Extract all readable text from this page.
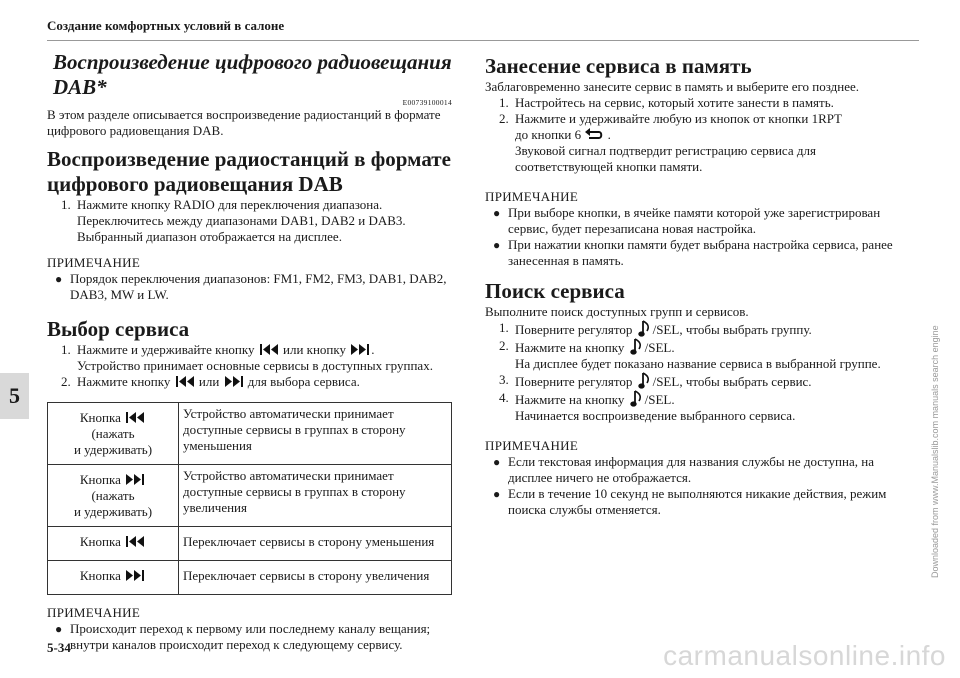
Создание комфортных условий в салоне
5
Воспроизведение цифрового радиовещания DAB*
E00739100014
В этом разделе описывается воспроизведение радиостанций в формате цифрового радиовещания DAB.
Воспроизведение радиостанций в формате цифрового радиовещания DAB
1. Нажмите кнопку RADIO для переключения диапазона. Переключитесь между диапазонами DAB1, DAB2 и DAB3. Выбранный диапазон отображается на дисплее.
ПРИМЕЧАНИЕ
● Порядок переключения диапазонов: FM1, FM2, FM3, DAB1, DAB2, DAB3, MW и LW.
Выбор сервиса
1. Нажмите и удерживайте кнопку или кнопку .
Устройство принимает основные сервисы в доступных группах.
2. Нажмите кнопку или для выбора сервиса.
Кнопка
(нажать
и удерживать)	Устройство автоматически принимает доступные сервисы в группах в сторону уменьшения
Кнопка
(нажать
и удерживать)	Устройство автоматически принимает доступные сервисы в группах в сторону увеличения
Кнопка	Переключает сервисы в сторону уменьшения
Кнопка	Переключает сервисы в сторону увеличения
ПРИМЕЧАНИЕ
● Происходит переход к первому или последнему каналу вещания; внутри каналов происходит переход к следующему сервису.
Занесение сервиса в память
Заблаговременно занесите сервис в память и выберите его позднее.
1. Настройтесь на сервис, который хотите занести в память.
2. Нажмите и удерживайте любую из кнопок от кнопки 1RPT
до кнопки 6  .
Звуковой сигнал подтвердит регистрацию сервиса для соответствующей кнопки памяти.
ПРИМЕЧАНИЕ
● При выборе кнопки, в ячейке памяти которой уже зарегистрирован сервис, будет перезаписана новая настройка.
● При нажатии кнопки памяти будет выбрана настройка сервиса, ранее занесенная в память.
Поиск сервиса
Выполните поиск доступных групп и сервисов.
1. Поверните регулятор /SEL, чтобы выбрать группу.
2. Нажмите на кнопку /SEL.
На дисплее будет показано название сервиса в выбранной группе.
3. Поверните регулятор /SEL, чтобы выбрать сервис.
4. Нажмите на кнопку /SEL.
Начинается воспроизведение выбранного сервиса.
ПРИМЕЧАНИЕ
● Если текстовая информация для названия службы не доступна, на дисплее ничего не отображается.
● Если в течение 10 секунд не выполняются никакие действия, режим поиска службы отменяется.
5-34
Downloaded from www.Manualslib.com manuals search engine
carmanualsonline.info
